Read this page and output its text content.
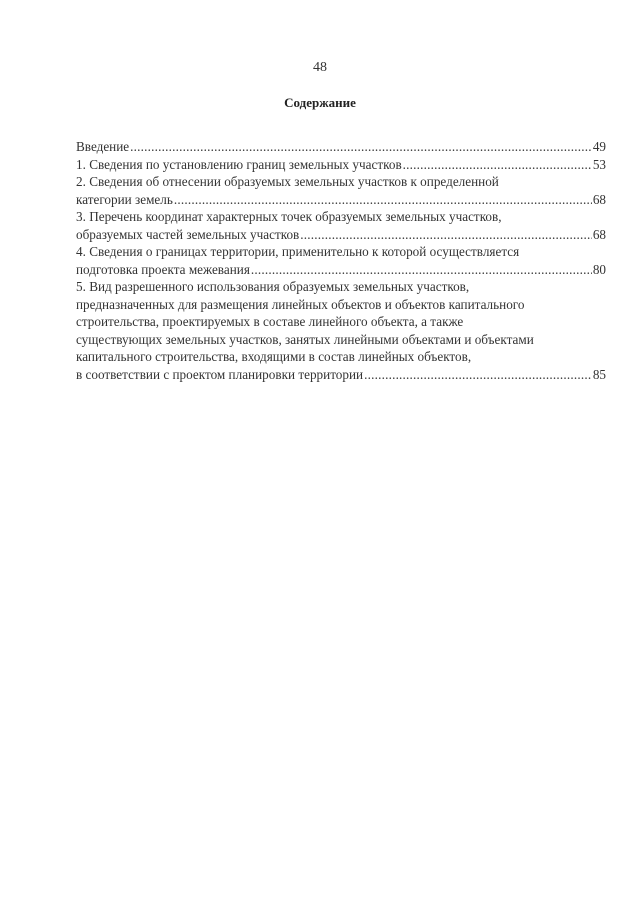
48
Содержание
Введение .....	49
1. Сведения по установлению границ земельных участков .....	53
2. Сведения об отнесении образуемых земельных участков к определенной
категории земель .....	68
3. Перечень координат характерных точек образуемых земельных участков,
образуемых частей земельных участков .....	68
4. Сведения о границах территории, применительно к которой осуществляется
подготовка проекта межевания .....	80
5. Вид разрешенного использования образуемых земельных участков,
предназначенных для размещения линейных объектов и объектов капитального
строительства, проектируемых в составе линейного объекта, а также
существующих земельных участков, занятых линейными объектами и объектами
капитального строительства, входящими в состав линейных объектов,
в соответствии с проектом планировки территории .....	85
